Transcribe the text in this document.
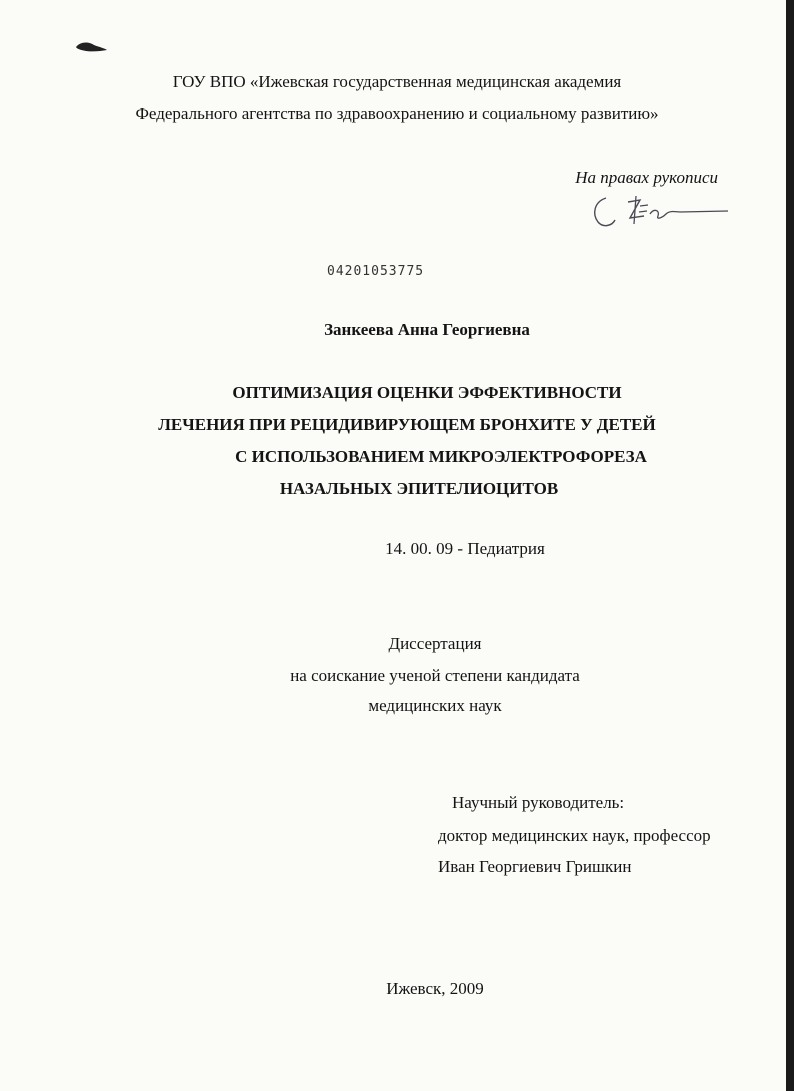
ГОУ ВПО «Ижевская государственная медицинская академия
Федерального агентства по здравоохранению и социальному развитию»
На правах рукописи
04201053775
Занкеева Анна Георгиевна
ОПТИМИЗАЦИЯ ОЦЕНКИ ЭФФЕКТИВНОСТИ
ЛЕЧЕНИЯ ПРИ РЕЦИДИВИРУЮЩЕМ БРОНХИТЕ У ДЕТЕЙ
С ИСПОЛЬЗОВАНИЕМ МИКРОЭЛЕКТРОФОРЕЗА
НАЗАЛЬНЫХ ЭПИТЕЛИОЦИТОВ
14. 00. 09 - Педиатрия
Диссертация
на соискание ученой степени кандидата
медицинских наук
Научный руководитель:
доктор медицинских наук, профессор
Иван Георгиевич Гришкин
Ижевск, 2009
